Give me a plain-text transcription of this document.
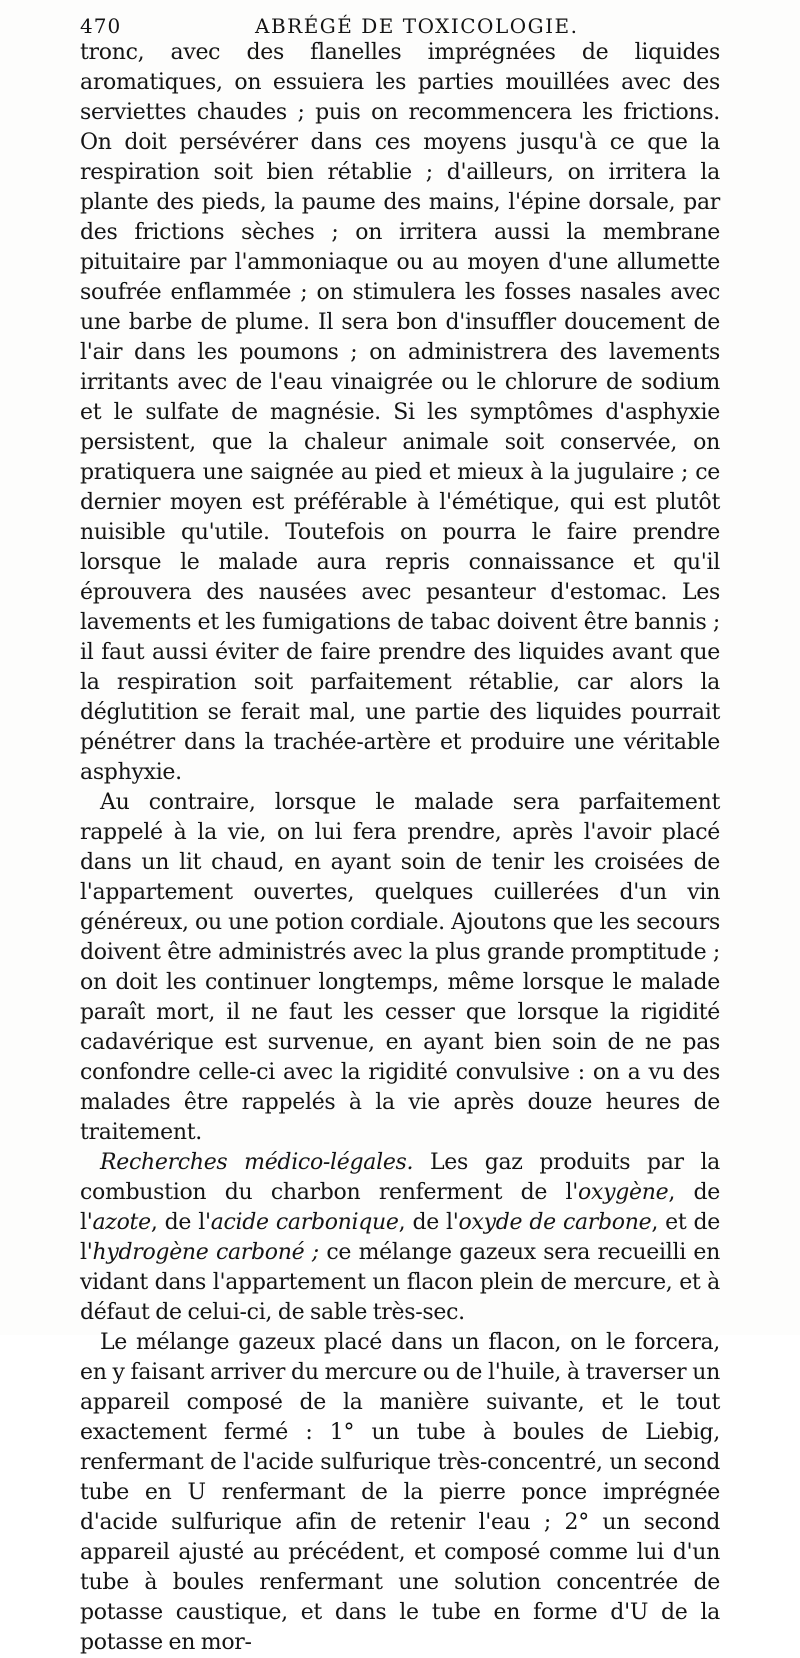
470	ABRÉGÉ DE TOXICOLOGIE.

tronc, avec des flanelles imprégnées de liquides aromatiques, on essuiera les parties mouillées avec des serviettes chaudes ; puis on recommencera les frictions. On doit persévérer dans ces moyens jusqu'à ce que la respiration soit bien rétablie ; d'ailleurs, on irritera la plante des pieds, la paume des mains, l'épine dorsale, par des frictions sèches ; on irritera aussi la membrane pituitaire par l'ammoniaque ou au moyen d'une allumette soufrée enflammée ; on stimulera les fosses nasales avec une barbe de plume. Il sera bon d'insuffler doucement de l'air dans les poumons ; on administrera des lavements irritants avec de l'eau vinaigrée ou le chlorure de sodium et le sulfate de magnésie. Si les symptômes d'asphyxie persistent, que la chaleur animale soit conservée, on pratiquera une saignée au pied et mieux à la jugulaire ; ce dernier moyen est préférable à l'émétique, qui est plutôt nuisible qu'utile. Toutefois on pourra le faire prendre lorsque le malade aura repris connaissance et qu'il éprouvera des nausées avec pesanteur d'estomac. Les lavements et les fumigations de tabac doivent être bannis ; il faut aussi éviter de faire prendre des liquides avant que la respiration soit parfaitement rétablie, car alors la déglutition se ferait mal, une partie des liquides pourrait pénétrer dans la trachée-artère et produire une véritable asphyxie.

Au contraire, lorsque le malade sera parfaitement rappelé à la vie, on lui fera prendre, après l'avoir placé dans un lit chaud, en ayant soin de tenir les croisées de l'appartement ouvertes, quelques cuillerées d'un vin généreux, ou une potion cordiale. Ajoutons que les secours doivent être administrés avec la plus grande promptitude ; on doit les continuer longtemps, même lorsque le malade paraît mort, il ne faut les cesser que lorsque la rigidité cadavérique est survenue, en ayant bien soin de ne pas confondre celle-ci avec la rigidité convulsive : on a vu des malades être rappelés à la vie après douze heures de traitement.

Recherches médico-légales. Les gaz produits par la combustion du charbon renferment de l'oxygène, de l'azote, de l'acide carbonique, de l'oxyde de carbone, et de l'hydrogène carboné ; ce mélange gazeux sera recueilli en vidant dans l'appartement un flacon plein de mercure, et à défaut de celui-ci, de sable très-sec.

Le mélange gazeux placé dans un flacon, on le forcera, en y faisant arriver du mercure ou de l'huile, à traverser un appareil composé de la manière suivante, et le tout exactement fermé : 1° un tube à boules de Liebig, renfermant de l'acide sulfurique très-concentré, un second tube en U renfermant de la pierre ponce imprégnée d'acide sulfurique afin de retenir l'eau ; 2° un second appareil ajusté au précédent, et composé comme lui d'un tube à boules renfermant une solution concentrée de potasse caustique, et dans le tube en forme d'U de la potasse en mor-
